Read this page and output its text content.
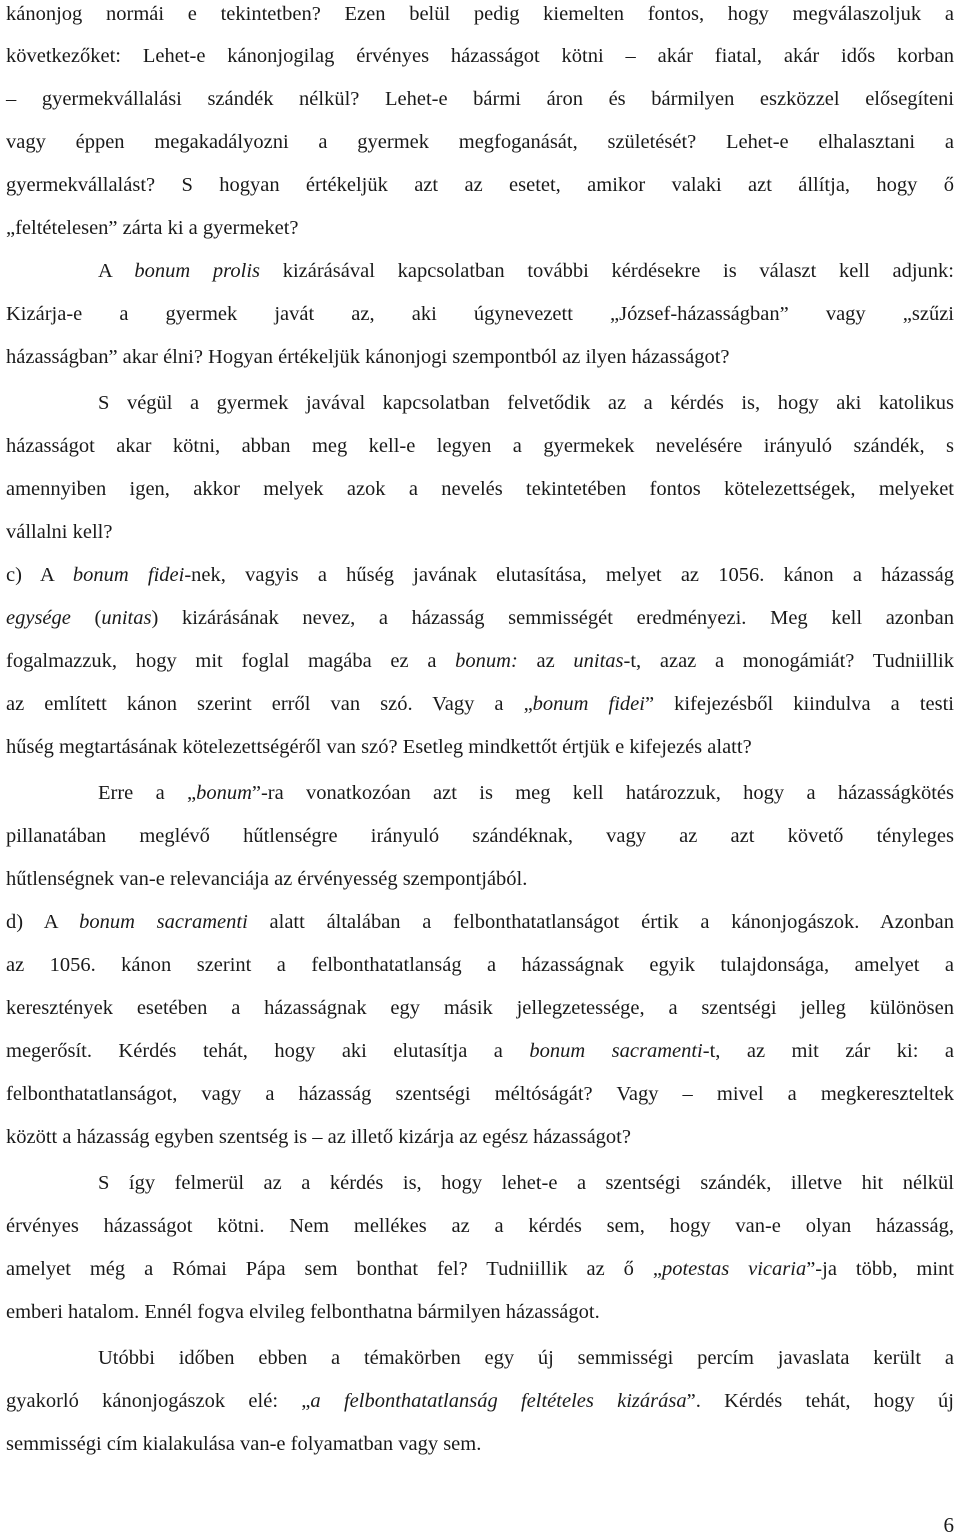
kánonjog normái e tekintetben? Ezen belül pedig kiemelten fontos, hogy megválaszoljuk a
következőket: Lehet-e kánonjogilag érvényes házasságot kötni – akár fiatal, akár idős korban
– gyermekvállalási szándék nélkül? Lehet-e bármi áron és bármilyen eszközzel elősegíteni
vagy éppen megakadályozni a gyermek megfoganását, születését? Lehet-e elhalasztani a
gyermekvállalást? S hogyan értékeljük azt az esetet, amikor valaki azt állítja, hogy ő
„feltételesen” zárta ki a gyermeket?
A bonum prolis kizárásával kapcsolatban további kérdésekre is választ kell adjunk:
Kizárja-e a gyermek javát az, aki úgynevezett „József-házasságban” vagy „szűzi
házasságban” akar élni? Hogyan értékeljük kánonjogi szempontból az ilyen házasságot?
S végül a gyermek javával kapcsolatban felvetődik az a kérdés is, hogy aki katolikus
házasságot akar kötni, abban meg kell-e legyen a gyermekek nevelésére irányuló szándék, s
amennyiben igen, akkor melyek azok a nevelés tekintetében fontos kötelezettségek, melyeket
vállalni kell?
c) A bonum fidei-nek, vagyis a hűség javának elutasítása, melyet az 1056. kánon a házasság
egysége (unitas) kizárásának nevez, a házasság semmisségét eredményezi. Meg kell azonban
fogalmazzuk, hogy mit foglal magába ez a bonum: az unitas-t, azaz a monogámiát? Tudniillik
az említett kánon szerint erről van szó. Vagy a „bonum fidei” kifejezésből kiindulva a testi
hűség megtartásának kötelezettségéről van szó? Esetleg mindkettőt értjük e kifejezés alatt?
Erre a „bonum”-ra vonatkozóan azt is meg kell határozzuk, hogy a házasságkötés
pillanatában meglévő hűtlenségre irányuló szándéknak, vagy az azt követő tényleges
hűtlenségnek van-e relevanciája az érvényesség szempontjából.
d) A bonum sacramenti alatt általában a felbonthatatlanságot értik a kánonjogászok. Azonban
az 1056. kánon szerint a felbonthatatlanság a házasságnak egyik tulajdonsága, amelyet a
keresztények esetében a házasságnak egy másik jellegzetessége, a szentségi jelleg különösen
megerősít. Kérdés tehát, hogy aki elutasítja a bonum sacramenti-t, az mit zár ki: a
felbonthatatlanságot, vagy a házasság szentségi méltóságát? Vagy – mivel a megkereszteltek
között a házasság egyben szentség is – az illető kizárja az egész házasságot?
S így felmerül az a kérdés is, hogy lehet-e a szentségi szándék, illetve hit nélkül
érvényes házasságot kötni. Nem mellékes az a kérdés sem, hogy van-e olyan házasság,
amelyet még a Római Pápa sem bonthat fel? Tudniillik az ő „potestas vicaria”-ja több, mint
emberi hatalom. Ennél fogva elvileg felbonthatna bármilyen házasságot.
Utóbbi időben ebben a témakörben egy új semmisségi percím javaslata került a
gyakorló kánonjogászok elé: „a felbonthatatlanság feltételes kizárása”. Kérdés tehát, hogy új
semmisségi cím kialakulása van-e folyamatban vagy sem.
6
